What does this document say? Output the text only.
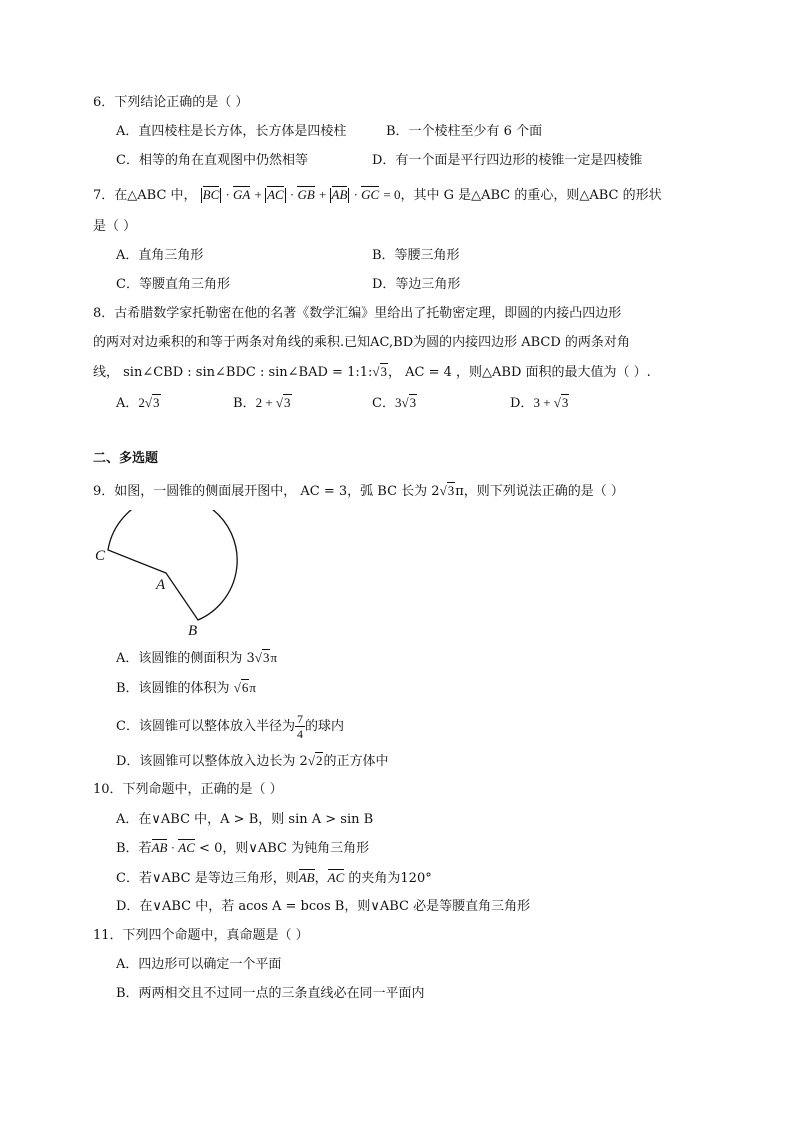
6．下列结论正确的是（ ）
A．直四棱柱是长方体，长方体是四棱柱	B．一个棱柱至少有 6 个面
C．相等的角在直观图中仍然相等	D．有一个面是平行四边形的棱锥一定是四棱锥
7．在△ABC 中， BC · GA + AC · GB + AB · GC = 0，其中 G 是△ABC 的重心，则△ABC 的形状
是（ ）
A．直角三角形	B．等腰三角形
C．等腰直角三角形	D．等边三角形
8．古希腊数学家托勒密在他的名著《数学汇编》里给出了托勒密定理，即圆的内接凸四边形
的两对对边乘积的和等于两条对角线的乘积.已知AC,BD为圆的内接四边形 ABCD 的两条对角
线， sin∠CBD : sin∠BDC : sin∠BAD = 1:1:√3， AC = 4 ，则△ABD 面积的最大值为（ ）.
A．2√3	B．2 + √3	C．3√3	D．3 + √3
二、多选题
9．如图，一圆锥的侧面展开图中， AC = 3，弧 BC 长为 2√3π，则下列说法正确的是（ ）
C
A
B
A．该圆锥的侧面积为 3√3π
B．该圆锥的体积为 √6π
C．该圆锥可以整体放入半径为 $\frac{7}{4}$ 的球内
D．该圆锥可以整体放入边长为 2√2的正方体中
10．下列命题中，正确的是（ ）
A．在∨ABC 中，A > B，则 sin A > sin B
B．若AB · AC < 0，则∨ABC 为钝角三角形
C．若∨ABC 是等边三角形，则AB，AC 的夹角为120°
D．在∨ABC 中，若 acos A = bcos B，则∨ABC 必是等腰直角三角形
11．下列四个命题中，真命题是（ ）
A．四边形可以确定一个平面
B．两两相交且不过同一点的三条直线必在同一平面内
